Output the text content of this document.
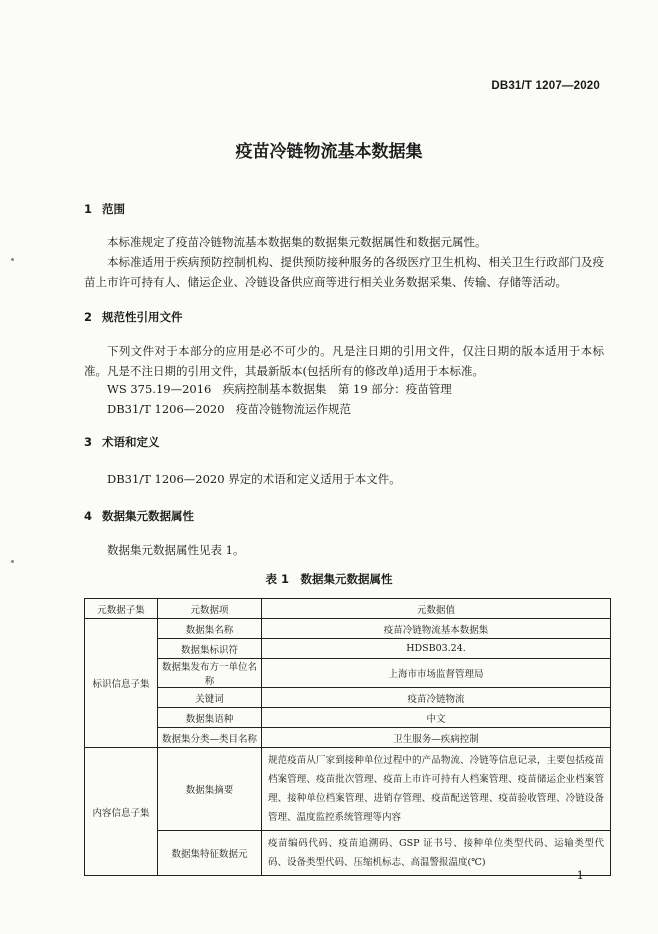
DB31/T 1207—2020
疫苗冷链物流基本数据集
1 范围
本标准规定了疫苗冷链物流基本数据集的数据集元数据属性和数据元属性。
本标准适用于疾病预防控制机构、提供预防接种服务的各级医疗卫生机构、相关卫生行政部门及疫苗上市许可持有人、储运企业、冷链设备供应商等进行相关业务数据采集、传输、存储等活动。
2 规范性引用文件
下列文件对于本部分的应用是必不可少的。凡是注日期的引用文件，仅注日期的版本适用于本标准。凡是不注日期的引用文件，其最新版本(包括所有的修改单)适用于本标准。
WS 375.19—2016　疾病控制基本数据集　第 19 部分：疫苗管理
DB31/T 1206—2020　疫苗冷链物流运作规范
3 术语和定义
DB31/T 1206—2020 界定的术语和定义适用于本文件。
4 数据集元数据属性
数据集元数据属性见表 1。
表 1　数据集元数据属性
元数据子集	元数据项	元数据值
标识信息子集	数据集名称	疫苗冷链物流基本数据集
	数据集标识符	HDSB03.24.
	数据集发布方一单位名称	上海市市场监督管理局
	关键词	疫苗冷链物流
	数据集语种	中文
	数据集分类—类目名称	卫生服务—疾病控制
内容信息子集	数据集摘要	规范疫苗从厂家到接种单位过程中的产品物流、冷链等信息记录，主要包括疫苗档案管理、疫苗批次管理、疫苗上市许可持有人档案管理、疫苗储运企业档案管理、接种单位档案管理、进销存管理、疫苗配送管理、疫苗验收管理、冷链设备管理、温度监控系统管理等内容
	数据集特征数据元	疫苗编码代码、疫苗追溯码、GSP 证书号、接种单位类型代码、运输类型代码、设备类型代码、压缩机标志、高温警报温度(℃)
1
